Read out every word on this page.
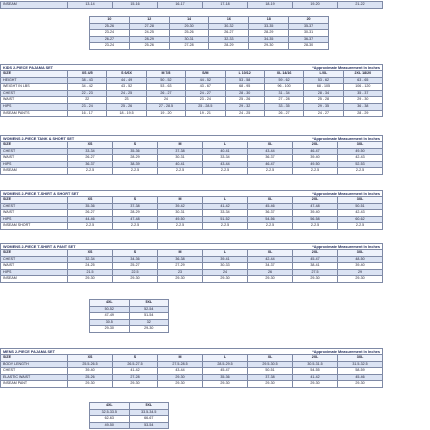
INSEAM	13-14	15-16	16-17	17-18	18-19	19-20	21-22
10	12	14	16	18	20
25-26	27-28	29-30	30-32	33-35	35-37
23-24	24-25	25-26	26-27	28-29	30-31
26-27	28-29	30-31	32-33	34-35	36-37
23-24	25-26	27-28	28-29	29-30	28-30
KIDS 2-PIECE PAJAMA SET	*Approximate Measurement In Inches
SIZE	XS 4/5	S 6/6X	M 7/8	S/M	L 10/12	XL 14/16	L/XL	2XL 18/20
HEIGHT	38 - 43	44 - 49	50 - 52	44 - 52	53 - 58	59 - 62	53 - 62	63 - 65
WEIGHT IN LBS	34 - 42	43 - 52	53 - 63	43 - 67	68 - 95	96 - 100	68 - 105	106 - 120
CHEST	22 - 23	24 - 25	26 - 27	24 - 27	28 - 30	31 - 34	28 - 34	35 - 37
WAIST	22	23	24	23 - 24	25 - 26	27 - 28	25 - 28	29 - 30
HIPS	23 - 24	25 - 26	27 - 28.5	25 - 28.5	29 - 32	33 - 35	29 - 35	36 - 38
INSEAM PANTS	16 - 17	18 - 19.5	19 - 20	19 - 21	24 - 25	26 - 27	24 - 27	28 - 29
WOMENS 2-PIECE TANK & SHORT SET	*Approximate Measurement In Inches
SIZE	XS	S	M	L	XL	2XL	3XL
CHEST	33-34	35-36	37-38	40-41	43-44	46-47	49-50
WAIST	26-27	28-29	30-31	33-34	36-37	39-40	42-43
HIPS	36-37	38-39	40-41	43-44	46-47	49-50	52-53
INSEAM	2-2.5	2-2.5	2-2.5	2-2.5	2-2.5	2-2.5	2-2.5
WOMENS 2-PIECE T-SHIRT & SHORT SET	*Approximate Measurement In Inches
SIZE	XS	S	M	L	XL	2XL	3XL
CHEST	35-36	37-38	39-42	41-42	45-46	47-48	50-51
WAIST	26-27	28-29	30-31	33-34	36-37	39-40	42-43
HIPS	44-46	47-48	49-50	51-52	54-56	56-58	60-62
INSEAM SHORT	2-2.5	2-2.5	2-2.5	2-2.5	2-2.5	2-2.5	2-2.5
WOMENS 2-PIECE T-SHIRT & PANT SET	*Approximate Measurement In Inches
SIZE	XS	S	M	L	XL	2XL	3XL
CHEST	32-34	34-36	36-38	39-41	42-44	45-47	48-50
WAIST	24-25	25-27	27-29	30-33	34-37	38-41	39-40
HIPS	21.5	22.5	23	24	26	27.5	29
INSEAM	29-30	29-30	29-30	29-30	29-30	29-30	29-30
4XL	5XL
50-52	52-54
47-49	51-54
30.5	32
29-30	29-30
MENS 2-PIECE PAJAMA SET	*Approximate Measurement In Inches
SIZE	XS	S	M	L	XL	2XL	3XL
BODY LENGTH	25.5-26.5	26.5-27.5	27.5-28.5	28.5-29.5	29.5-30.5	30.5-31.5	31.5-32.5
CHEST	39-40	41-42	43-44	45-47	50-51	54-55	58-59
ELASTIC WAIST	25-26	27-28	29-30	35-36	37-38	41-42	45-46
INSEAM PANT	29-30	29-30	29-30	29-30	29-30	29-30	29-30
4XL	5XL
32.5-33.5	33.5-34.5
62-63	66-67
49-50	53-54
